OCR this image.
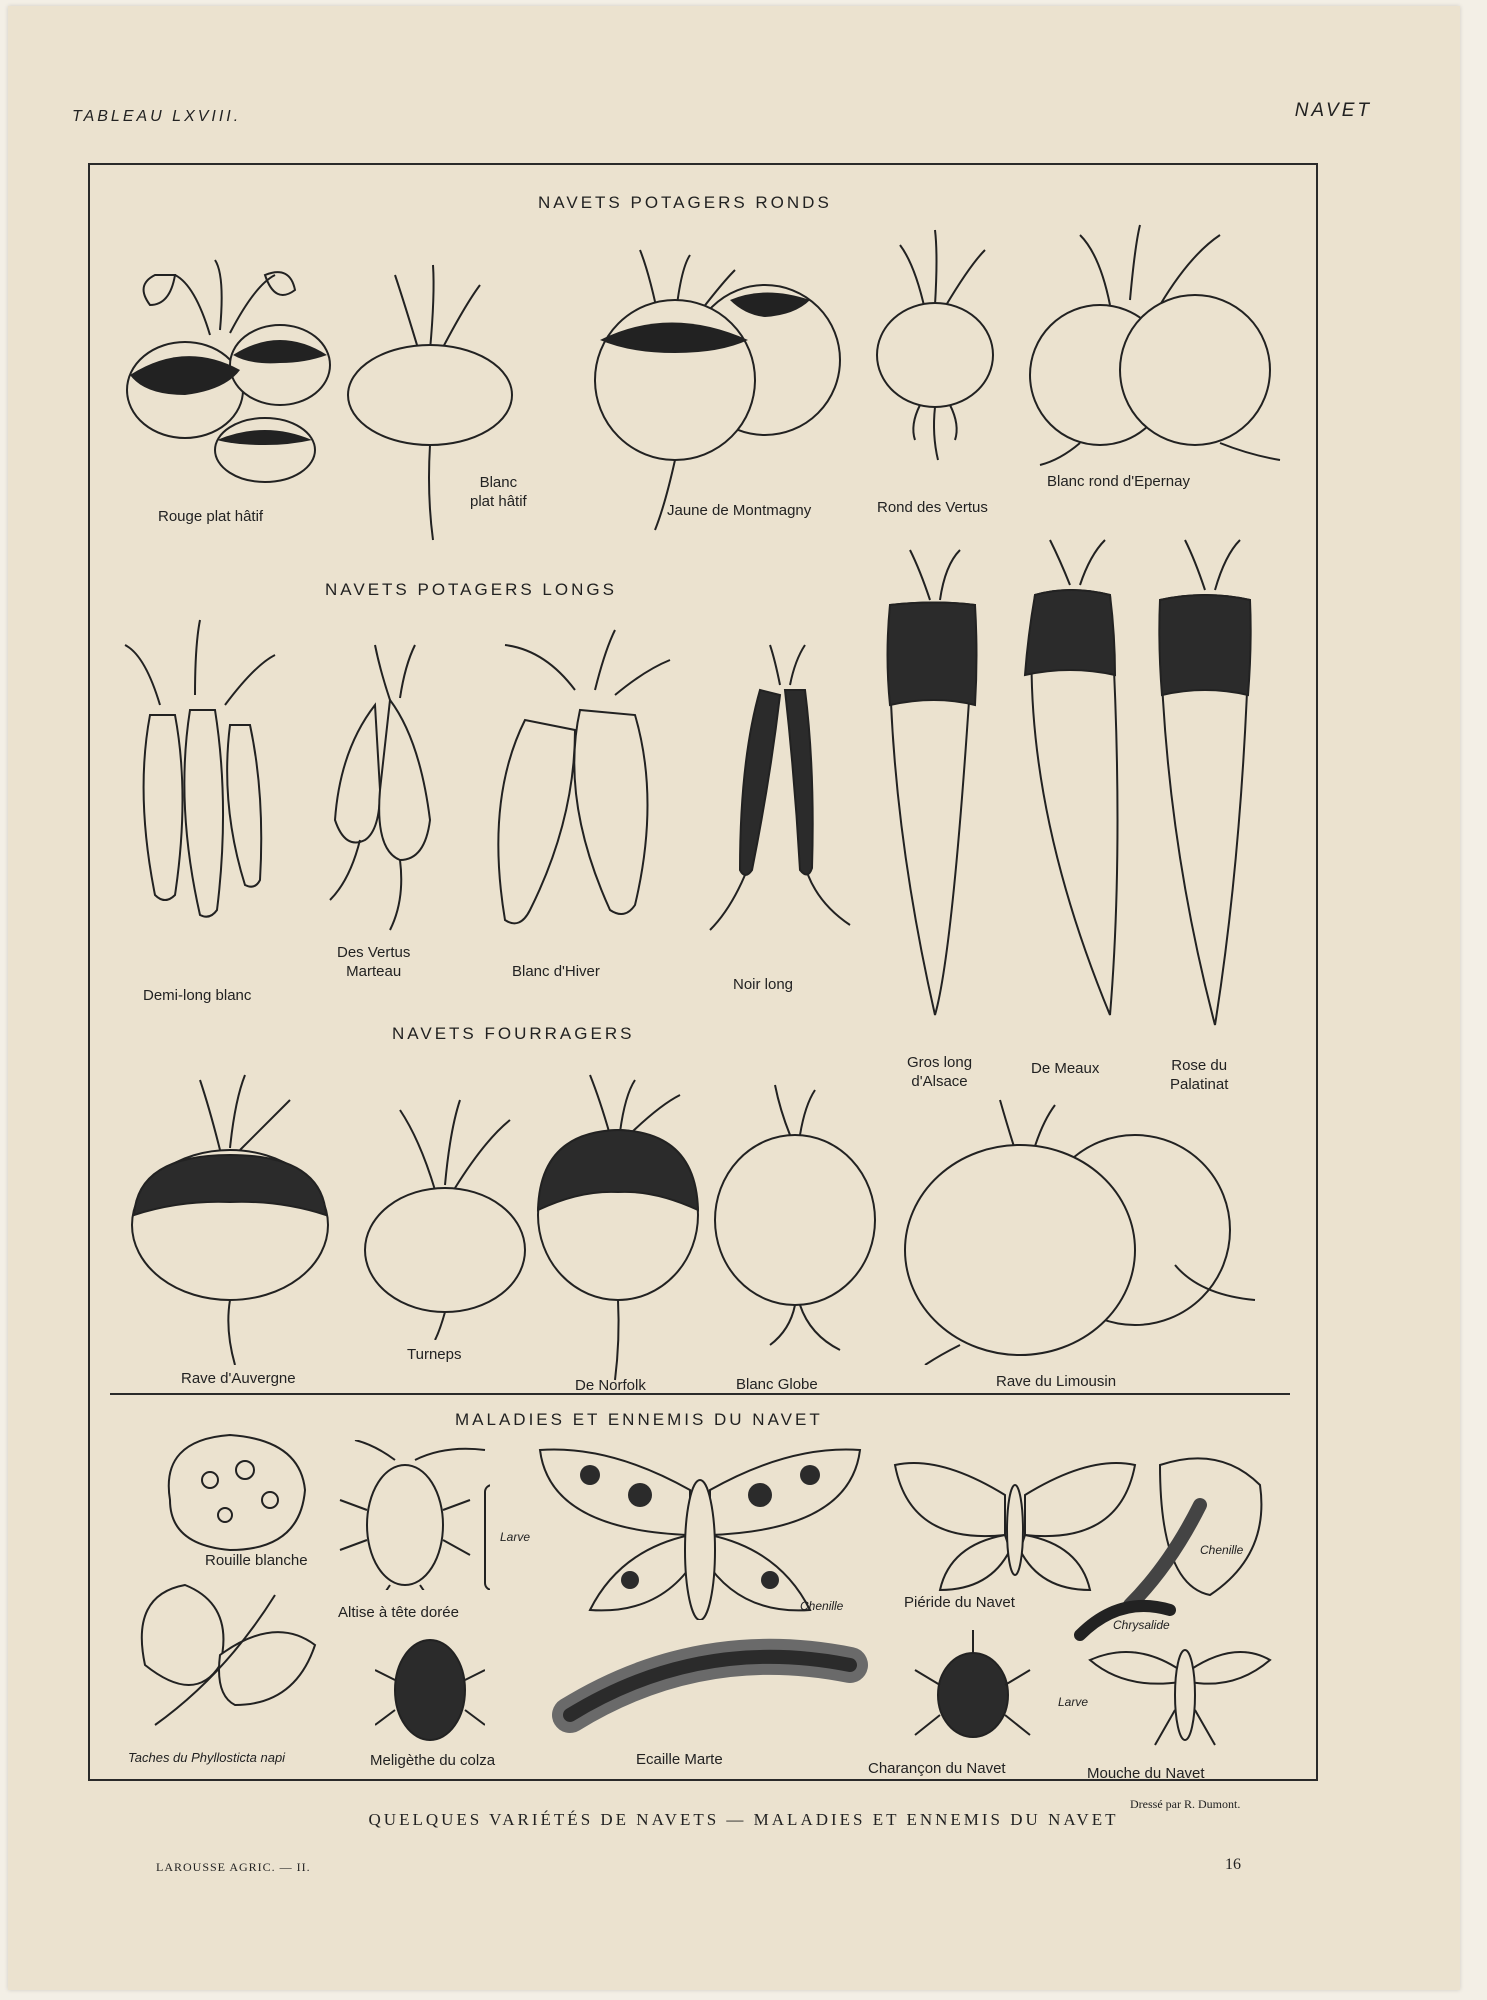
TABLEAU LXVIII.	NAVET
NAVETS POTAGERS RONDS
NAVETS POTAGERS LONGS
NAVETS FOURRAGERS
MALADIES ET ENNEMIS DU NAVET
Rouge plat hâtif
Blanc
plat hâtif
Jaune de Montmagny	Rond des Vertus
Blanc rond d'Epernay
Demi-long blanc
Des Vertus
Marteau	Blanc d'Hiver
Noir long
Gros long
d'Alsace
De Meaux	Rose du
Palatinat
Rave d'Auvergne
Turneps
De Norfolk	Blanc Globe	Rave du Limousin
Rouille blanche
Taches du Phyllosticta napi
Altise à tête dorée
Larve
Meligèthe du colza
Chenille
Ecaille Marte
Piéride du Navet
Chenille
Chrysalide
Charançon du Navet
Larve
Mouche du Navet
Dressé par R. Dumont.
QUELQUES VARIÉTÉS DE NAVETS — MALADIES ET ENNEMIS DU NAVET
LAROUSSE AGRIC. — II.	16
